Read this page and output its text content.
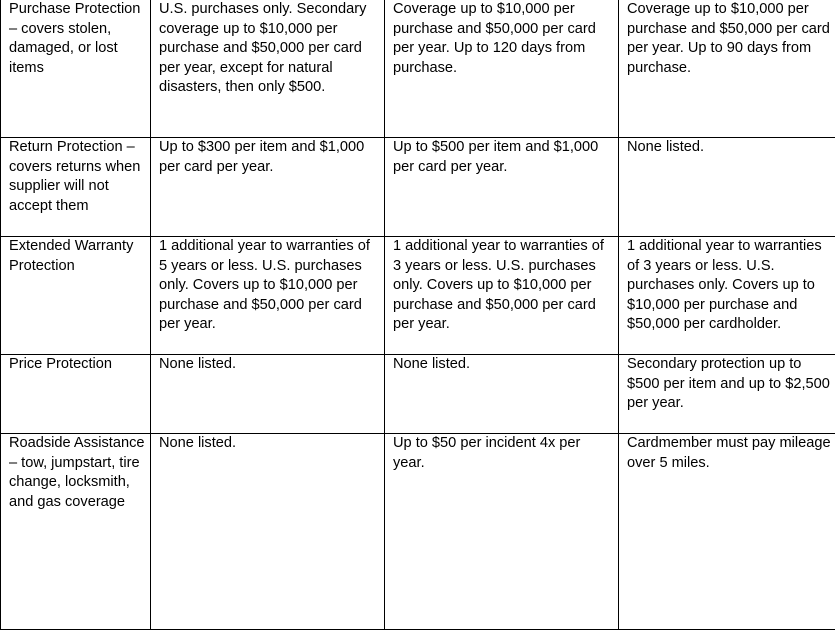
Purchase Protection – covers stolen, damaged, or lost items	U.S. purchases only. Secondary coverage up to $10,000 per purchase and $50,000 per card per year, except for natural disasters, then only $500.	Coverage up to $10,000 per purchase and $50,000 per card per year. Up to 120 days from purchase.	Coverage up to $10,000 per purchase and $50,000 per card per year. Up to 90 days from purchase.

Return Protection – covers returns when supplier will not accept them	Up to $300 per item and $1,000 per card per year.	Up to $500 per item and $1,000 per card per year.	None listed.

Extended Warranty Protection	1 additional year to warranties of 5 years or less. U.S. purchases only. Covers up to $10,000 per purchase and $50,000 per card per year.	1 additional year to warranties of 3 years or less. U.S. purchases only. Covers up to $10,000 per purchase and $50,000 per card per year.	1 additional year to warranties of 3 years or less. U.S. purchases only. Covers up to $10,000 per purchase and $50,000 per cardholder.

Price Protection	None listed.	None listed.	Secondary protection up to $500 per item and up to $2,500 per year.

Roadside Assistance – tow, jumpstart, tire change, locksmith, and gas coverage	None listed.	Up to $50 per incident 4x per year.	Cardmember must pay mileage over 5 miles.
